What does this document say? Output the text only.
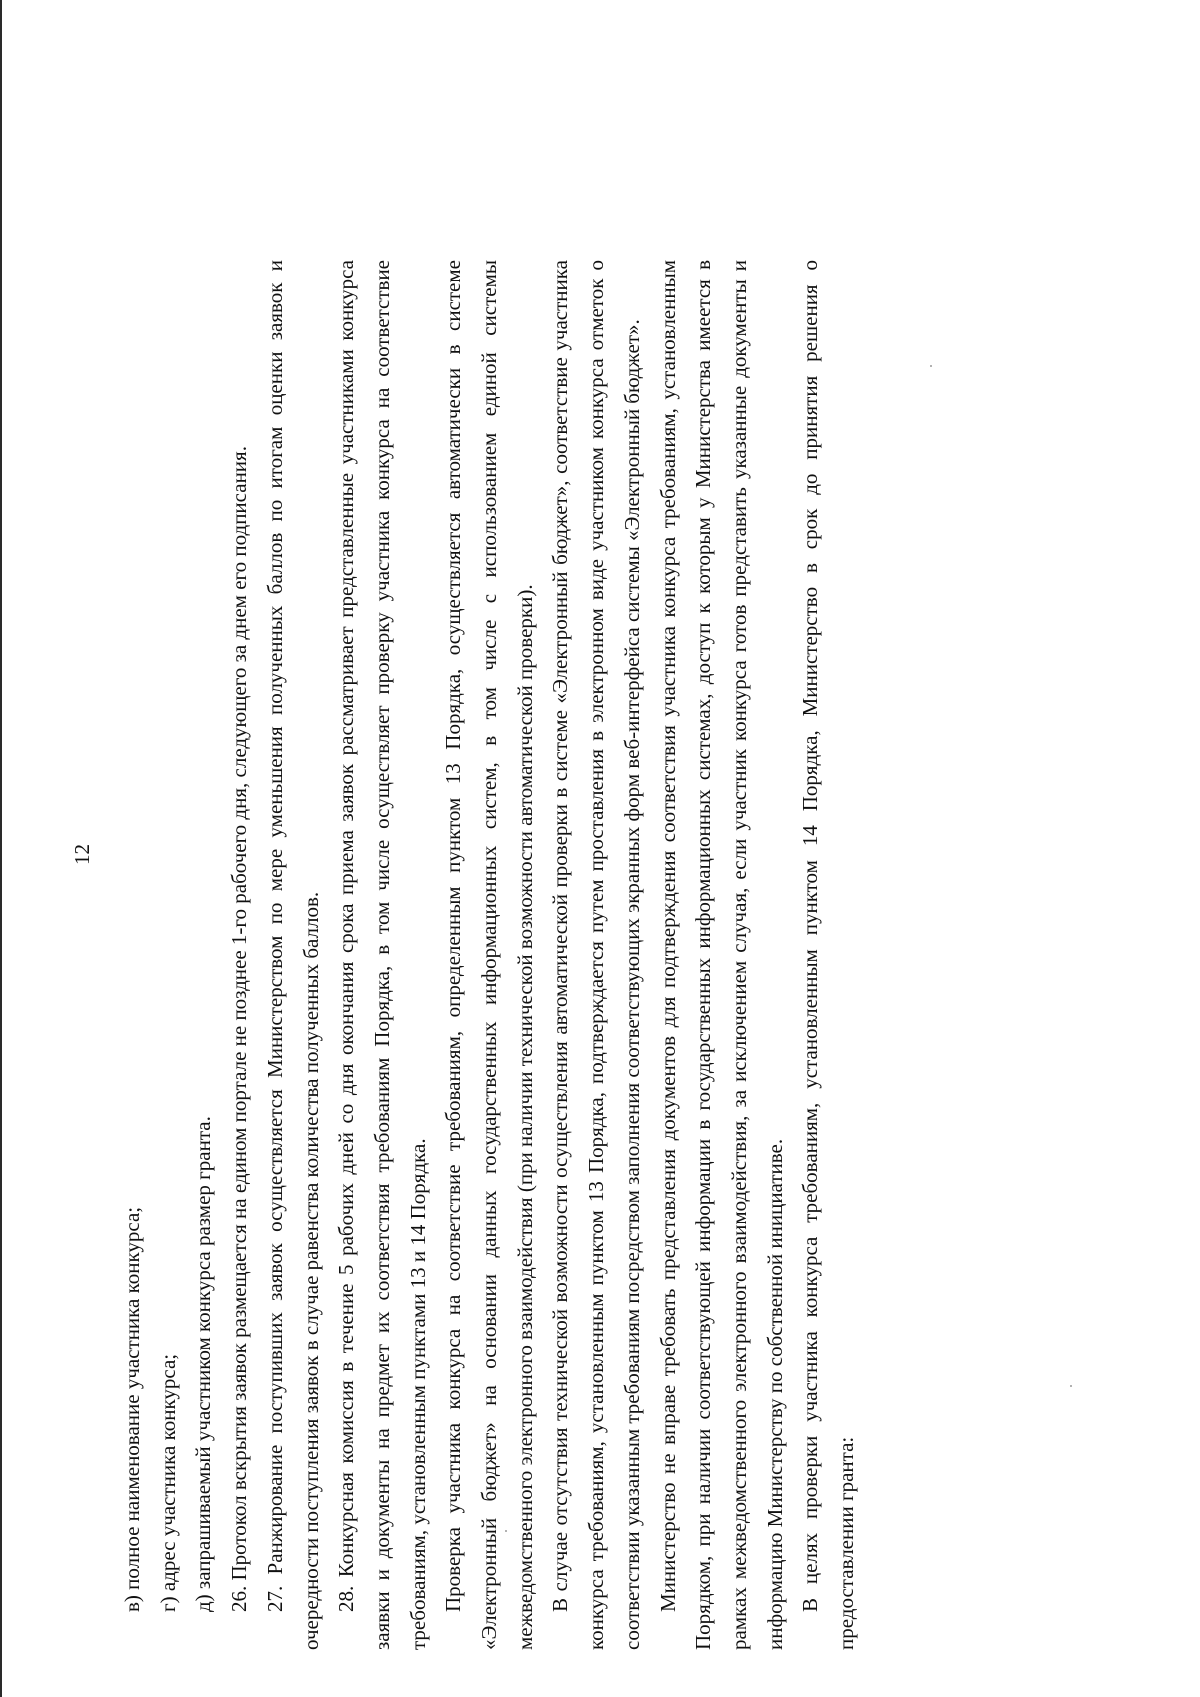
12

в) полное наименование участника конкурса; г) адрес участника конкурса; д) запрашиваемый участником конкурса размер гранта. 26. Протокол вскрытия заявок размещается на едином портале не позднее 1-го рабочего дня, следующего за днем его подписания. 27. Ранжирование поступивших заявок осуществляется Министерством по мере уменьшения полученных баллов по итогам оценки заявок и очередности поступления заявок в случае равенства количества полученных баллов. 28. Конкурсная комиссия в течение 5 рабочих дней со дня окончания срока приема заявок рассматривает представленные участниками конкурса заявки и документы на предмет их соответствия требованиям Порядка, в том числе осуществляет проверку участника конкурса на соответствие требованиям, установленным пунктами 13 и 14 Порядка. Проверка участника конкурса на соответствие требованиям, определенным пунктом 13 Порядка, осуществляется автоматически в системе «Электронный бюджет» на основании данных государственных информационных систем, в том числе с использованием единой системы межведомственного электронного взаимодействия (при наличии технической возможности автоматической проверки). В случае отсутствия технической возможности осуществления автоматической проверки в системе «Электронный бюджет», соответствие участника конкурса требованиям, установленным пунктом 13 Порядка, подтверждается путем проставления в электронном виде участником конкурса отметок о соответствии указанным требованиям посредством заполнения соответствующих экранных форм веб-интерфейса системы «Электронный бюджет». Министерство не вправе требовать представления документов для подтверждения соответствия участника конкурса требованиям, установленным Порядком, при наличии соответствующей информации в государственных информационных системах, доступ к которым у Министерства имеется в рамках межведомственного электронного взаимодействия, за исключением случая, если участник конкурса готов представить указанные документы и информацию Министерству по собственной инициативе. В целях проверки участника конкурса требованиям, установленным пунктом 14 Порядка, Министерство в срок до принятия решения о предоставлении гранта:
